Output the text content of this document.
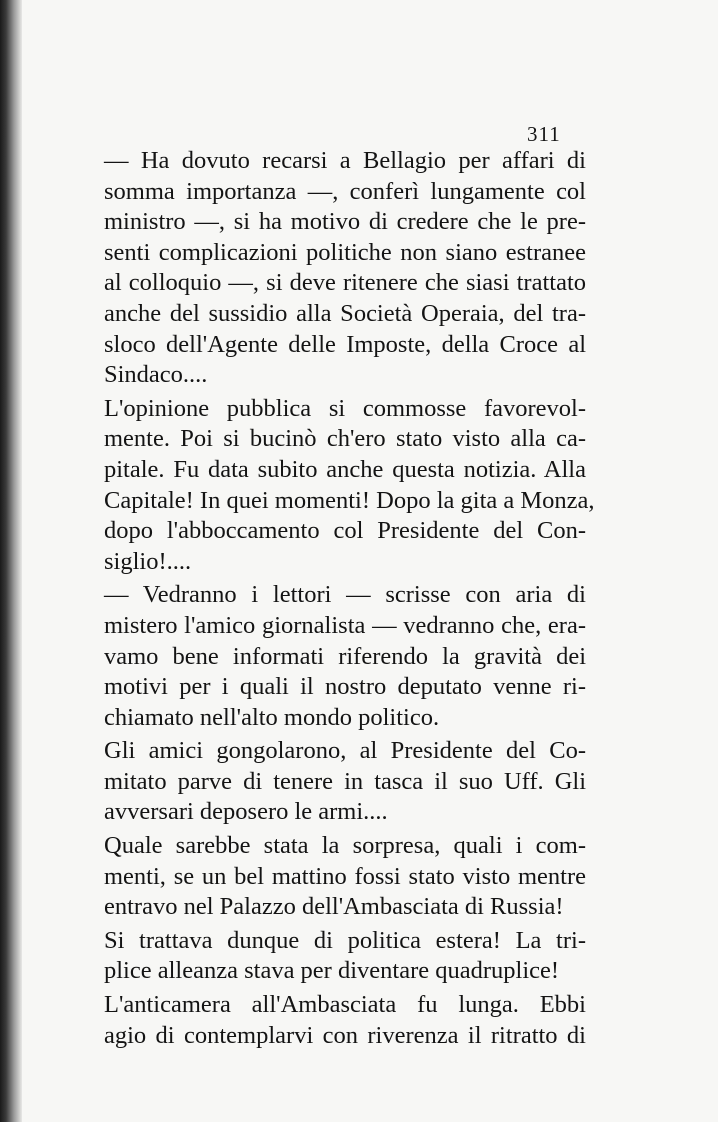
311
— Ha dovuto recarsi a Bellagio per affari di
somma importanza —, conferì lungamente col
ministro —, si ha motivo di credere che le pre-
senti complicazioni politiche non siano estranee
al colloquio —, si deve ritenere che siasi trattato
anche del sussidio alla Società Operaia, del tra-
sloco dell'Agente delle Imposte, della Croce al
Sindaco....
L'opinione pubblica si commosse favorevol-
mente. Poi si bucinò ch'ero stato visto alla ca-
pitale. Fu data subito anche questa notizia. Alla
Capitale! In quei momenti! Dopo la gita a Monza,
dopo l'abboccamento col Presidente del Con-
siglio!....
— Vedranno i lettori — scrisse con aria di
mistero l'amico giornalista — vedranno che, era-
vamo bene informati riferendo la gravità dei
motivi per i quali il nostro deputato venne ri-
chiamato nell'alto mondo politico.
Gli amici gongolarono, al Presidente del Co-
mitato parve di tenere in tasca il suo Uff. Gli
avversari deposero le armi....
Quale sarebbe stata la sorpresa, quali i com-
menti, se un bel mattino fossi stato visto mentre
entravo nel Palazzo dell'Ambasciata di Russia!
Si trattava dunque di politica estera! La tri-
plice alleanza stava per diventare quadruplice!
L'anticamera all'Ambasciata fu lunga. Ebbi
agio di contemplarvi con riverenza il ritratto di
